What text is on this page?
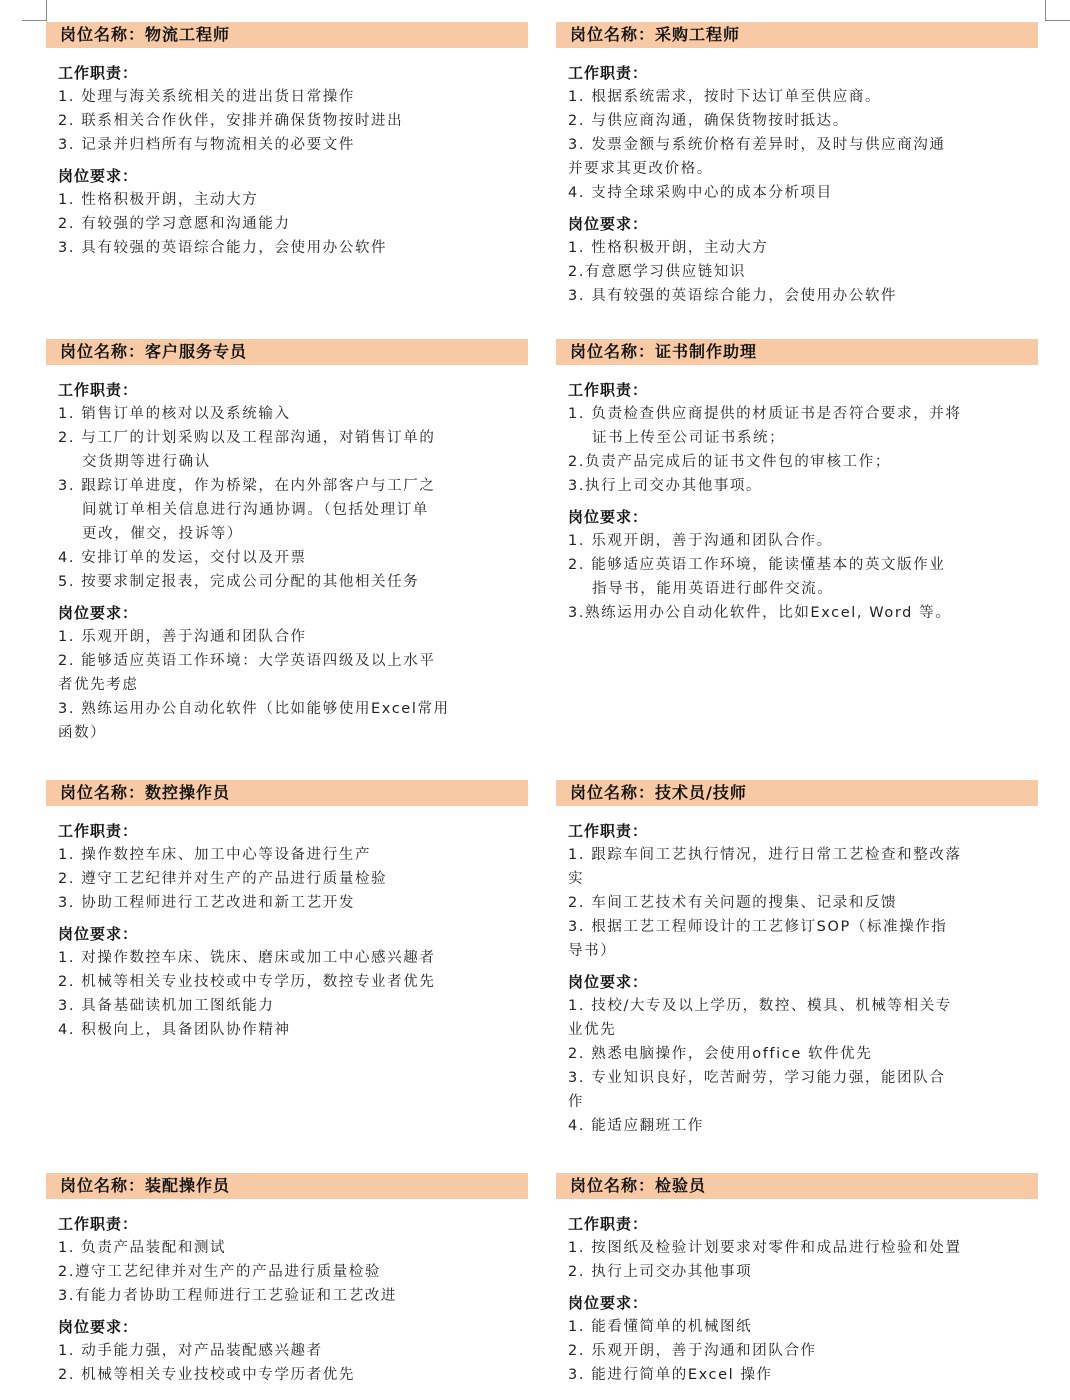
岗位名称：物流工程师
工作职责：
1. 处理与海关系统相关的进出货日常操作
2. 联系相关合作伙伴，安排并确保货物按时进出
3. 记录并归档所有与物流相关的必要文件
岗位要求：
1. 性格积极开朗，主动大方
2. 有较强的学习意愿和沟通能力
3. 具有较强的英语综合能力，会使用办公软件
岗位名称：采购工程师
工作职责：
1. 根据系统需求，按时下达订单至供应商。
2. 与供应商沟通，确保货物按时抵达。
3. 发票金额与系统价格有差异时，及时与供应商沟通
并要求其更改价格。
4. 支持全球采购中心的成本分析项目
岗位要求：
1. 性格积极开朗，主动大方
2.有意愿学习供应链知识
3. 具有较强的英语综合能力，会使用办公软件
岗位名称：客户服务专员
工作职责：
1. 销售订单的核对以及系统输入
2. 与工厂的计划采购以及工程部沟通，对销售订单的
交货期等进行确认
3. 跟踪订单进度，作为桥梁，在内外部客户与工厂之
间就订单相关信息进行沟通协调。（包括处理订单
更改，催交，投诉等）
4. 安排订单的发运，交付以及开票
5. 按要求制定报表，完成公司分配的其他相关任务
岗位要求：
1. 乐观开朗，善于沟通和团队合作
2. 能够适应英语工作环境：大学英语四级及以上水平
者优先考虑
3. 熟练运用办公自动化软件（比如能够使用Excel常用
函数）
岗位名称：证书制作助理
工作职责：
1. 负责检查供应商提供的材质证书是否符合要求，并将
证书上传至公司证书系统；
2.负责产品完成后的证书文件包的审核工作；
3.执行上司交办其他事项。
岗位要求：
1. 乐观开朗，善于沟通和团队合作。
2. 能够适应英语工作环境，能读懂基本的英文版作业
指导书，能用英语进行邮件交流。
3.熟练运用办公自动化软件，比如Excel, Word 等。
岗位名称：数控操作员
工作职责：
1. 操作数控车床、加工中心等设备进行生产
2. 遵守工艺纪律并对生产的产品进行质量检验
3. 协助工程师进行工艺改进和新工艺开发
岗位要求：
1. 对操作数控车床、铣床、磨床或加工中心感兴趣者
2. 机械等相关专业技校或中专学历，数控专业者优先
3. 具备基础读机加工图纸能力
4. 积极向上，具备团队协作精神
岗位名称：技术员/技师
工作职责：
1. 跟踪车间工艺执行情况，进行日常工艺检查和整改落
实
2. 车间工艺技术有关问题的搜集、记录和反馈
3. 根据工艺工程师设计的工艺修订SOP（标准操作指
导书）
岗位要求：
1. 技校/大专及以上学历，数控、模具、机械等相关专
业优先
2. 熟悉电脑操作，会使用office 软件优先
3. 专业知识良好，吃苦耐劳，学习能力强，能团队合
作
4. 能适应翻班工作
岗位名称：装配操作员
工作职责：
1. 负责产品装配和测试
2.遵守工艺纪律并对生产的产品进行质量检验
3.有能力者协助工程师进行工艺验证和工艺改进
岗位要求：
1. 动手能力强，对产品装配感兴趣者
2. 机械等相关专业技校或中专学历者优先
岗位名称：检验员
工作职责：
1. 按图纸及检验计划要求对零件和成品进行检验和处置
2. 执行上司交办其他事项
岗位要求：
1. 能看懂简单的机械图纸
2. 乐观开朗，善于沟通和团队合作
3. 能进行简单的Excel 操作
